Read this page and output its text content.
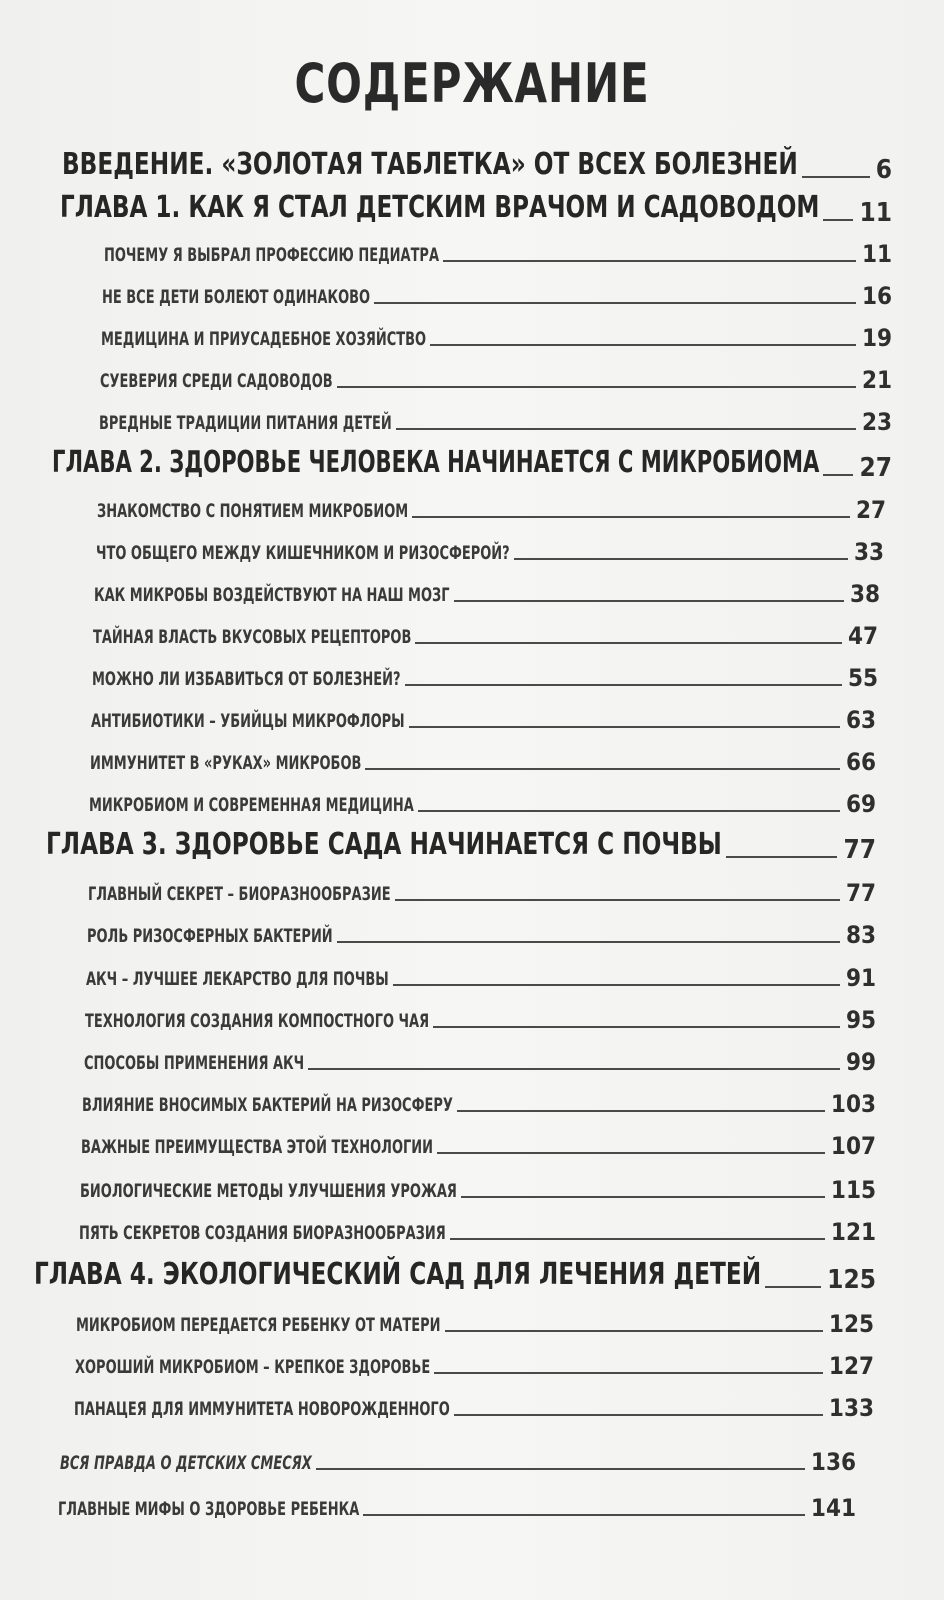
СОДЕРЖАНИЕ
ВВЕДЕНИЕ. «ЗОЛОТАЯ ТАБЛЕТКА» ОТ ВСЕХ БОЛЕЗНЕЙ	6
ГЛАВА 1. КАК Я СТАЛ ДЕТСКИМ ВРАЧОМ И САДОВОДОМ 11
ПОЧЕМУ Я ВЫБРАЛ ПРОФЕССИЮ ПЕДИАТРА	11
НЕ ВСЕ ДЕТИ БОЛЕЮТ ОДИНАКОВО	16
МЕДИЦИНА И ПРИУСАДЕБНОЕ ХОЗЯЙСТВО	19
СУЕВЕРИЯ СРЕДИ САДОВОДОВ	21
ВРЕДНЫЕ ТРАДИЦИИ ПИТАНИЯ ДЕТЕЙ	23
ГЛАВА 2. ЗДОРОВЬЕ ЧЕЛОВЕКА НАЧИНАЕТСЯ С МИКРОБИОМА 27
ЗНАКОМСТВО С ПОНЯТИЕМ МИКРОБИОМ	27
ЧТО ОБЩЕГО МЕЖДУ КИШЕЧНИКОМ И РИЗОСФЕРОЙ?	33
КАК МИКРОБЫ ВОЗДЕЙСТВУЮТ НА НАШ МОЗГ	38
ТАЙНАЯ ВЛАСТЬ ВКУСОВЫХ РЕЦЕПТОРОВ	47
МОЖНО ЛИ ИЗБАВИТЬСЯ ОТ БОЛЕЗНЕЙ?	55
АНТИБИОТИКИ – УБИЙЦЫ МИКРОФЛОРЫ	63
ИММУНИТЕТ В «РУКАХ» МИКРОБОВ	66
МИКРОБИОМ И СОВРЕМЕННАЯ МЕДИЦИНА	69
ГЛАВА 3. ЗДОРОВЬЕ САДА НАЧИНАЕТСЯ С ПОЧВЫ	77
ГЛАВНЫЙ СЕКРЕТ – БИОРАЗНООБРАЗИЕ	77
РОЛЬ РИЗОСФЕРНЫХ БАКТЕРИЙ	83
АКЧ – ЛУЧШЕЕ ЛЕКАРСТВО ДЛЯ ПОЧВЫ	91
ТЕХНОЛОГИЯ СОЗДАНИЯ КОМПОСТНОГО ЧАЯ	95
СПОСОБЫ ПРИМЕНЕНИЯ АКЧ	99
ВЛИЯНИЕ ВНОСИМЫХ БАКТЕРИЙ НА РИЗОСФЕРУ	103
ВАЖНЫЕ ПРЕИМУЩЕСТВА ЭТОЙ ТЕХНОЛОГИИ	107
БИОЛОГИЧЕСКИЕ МЕТОДЫ УЛУЧШЕНИЯ УРОЖАЯ	115
ПЯТЬ СЕКРЕТОВ СОЗДАНИЯ БИОРАЗНООБРАЗИЯ	121
ГЛАВА 4. ЭКОЛОГИЧЕСКИЙ САД ДЛЯ ЛЕЧЕНИЯ ДЕТЕЙ	125
МИКРОБИОМ ПЕРЕДАЕТСЯ РЕБЕНКУ ОТ МАТЕРИ	125
ХОРОШИЙ МИКРОБИОМ – КРЕПКОЕ ЗДОРОВЬЕ	127
ПАНАЦЕЯ ДЛЯ ИММУНИТЕТА НОВОРОЖДЕННОГО	133
ВСЯ ПРАВДА О ДЕТСКИХ СМЕСЯХ	136
ГЛАВНЫЕ МИФЫ О ЗДОРОВЬЕ РЕБЕНКА	141
